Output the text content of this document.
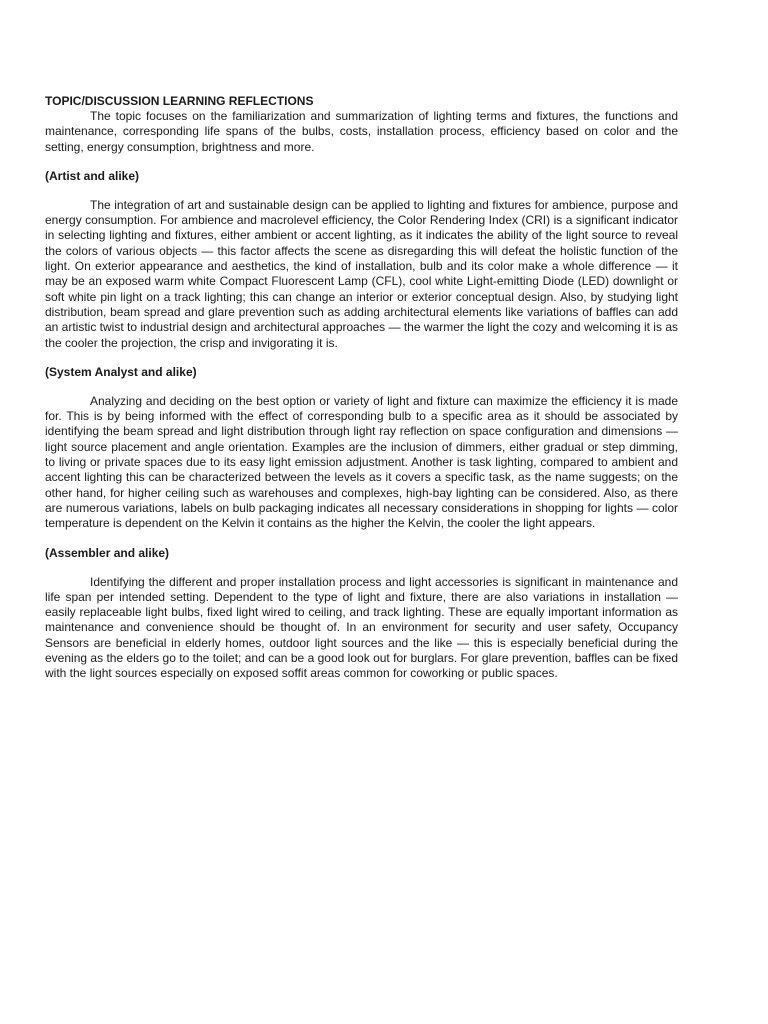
TOPIC/DISCUSSION LEARNING REFLECTIONS

The topic focuses on the familiarization and summarization of lighting terms and fixtures, the functions and maintenance, corresponding life spans of the bulbs, costs, installation process, efficiency based on color and the setting, energy consumption, brightness and more.

(Artist and alike)

The integration of art and sustainable design can be applied to lighting and fixtures for ambience, purpose and energy consumption. For ambience and macrolevel efficiency, the Color Rendering Index (CRI) is a significant indicator in selecting lighting and fixtures, either ambient or accent lighting, as it indicates the ability of the light source to reveal the colors of various objects — this factor affects the scene as disregarding this will defeat the holistic function of the light. On exterior appearance and aesthetics, the kind of installation, bulb and its color make a whole difference — it may be an exposed warm white Compact Fluorescent Lamp (CFL), cool white Light-emitting Diode (LED) downlight or soft white pin light on a track lighting; this can change an interior or exterior conceptual design. Also, by studying light distribution, beam spread and glare prevention such as adding architectural elements like variations of baffles can add an artistic twist to industrial design and architectural approaches — the warmer the light the cozy and welcoming it is as the cooler the projection, the crisp and invigorating it is.

(System Analyst and alike)

Analyzing and deciding on the best option or variety of light and fixture can maximize the efficiency it is made for. This is by being informed with the effect of corresponding bulb to a specific area as it should be associated by identifying the beam spread and light distribution through light ray reflection on space configuration and dimensions — light source placement and angle orientation. Examples are the inclusion of dimmers, either gradual or step dimming, to living or private spaces due to its easy light emission adjustment. Another is task lighting, compared to ambient and accent lighting this can be characterized between the levels as it covers a specific task, as the name suggests; on the other hand, for higher ceiling such as warehouses and complexes, high-bay lighting can be considered. Also, as there are numerous variations, labels on bulb packaging indicates all necessary considerations in shopping for lights — color temperature is dependent on the Kelvin it contains as the higher the Kelvin, the cooler the light appears.

(Assembler and alike)

Identifying the different and proper installation process and light accessories is significant in maintenance and life span per intended setting. Dependent to the type of light and fixture, there are also variations in installation — easily replaceable light bulbs, fixed light wired to ceiling, and track lighting. These are equally important information as maintenance and convenience should be thought of. In an environment for security and user safety, Occupancy Sensors are beneficial in elderly homes, outdoor light sources and the like — this is especially beneficial during the evening as the elders go to the toilet; and can be a good look out for burglars. For glare prevention, baffles can be fixed with the light sources especially on exposed soffit areas common for coworking or public spaces.
